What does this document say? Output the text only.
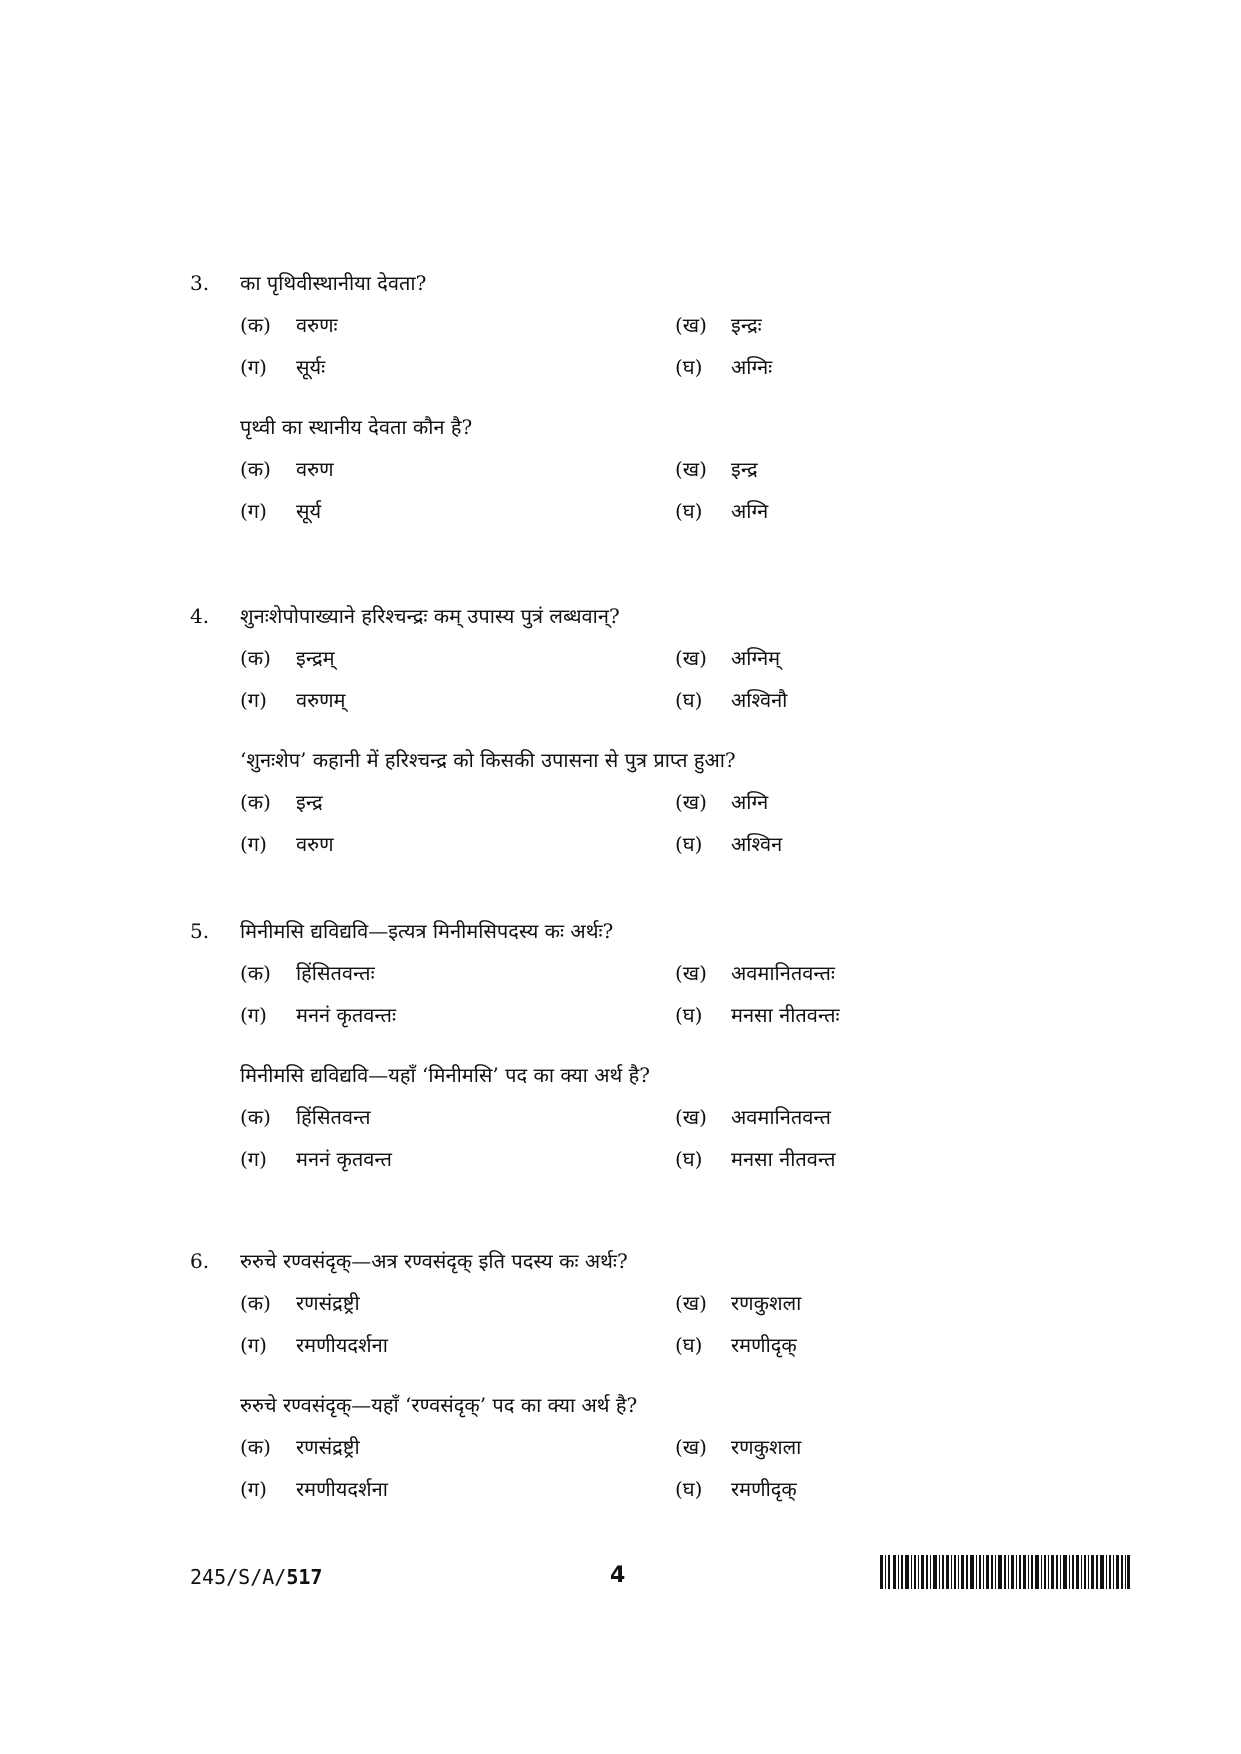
3.	का पृथिवीस्थानीया देवता?
(क) वरुणः	(ख) इन्द्रः
(ग) सूर्यः	(घ) अग्निः
पृथ्वी का स्थानीय देवता कौन है?
(क) वरुण	(ख) इन्द्र
(ग) सूर्य	(घ) अग्नि
4.	शुनःशेपोपाख्याने हरिश्चन्द्रः कम् उपास्य पुत्रं लब्धवान्?
(क) इन्द्रम्	(ख) अग्निम्
(ग) वरुणम्	(घ) अश्विनौ
‘शुनःशेप’ कहानी में हरिश्चन्द्र को किसकी उपासना से पुत्र प्राप्त हुआ?
(क) इन्द्र	(ख) अग्नि
(ग) वरुण	(घ) अश्विन
5.	मिनीमसि द्यविद्यवि—इत्यत्र मिनीमसिपदस्य कः अर्थः?
(क) हिंसितवन्तः	(ख) अवमानितवन्तः
(ग) मननं कृतवन्तः	(घ) मनसा नीतवन्तः
मिनीमसि द्यविद्यवि—यहाँ ‘मिनीमसि’ पद का क्या अर्थ है?
(क) हिंसितवन्त	(ख) अवमानितवन्त
(ग) मननं कृतवन्त	(घ) मनसा नीतवन्त
6.	रुरुचे रण्वसंदृक्—अत्र रण्वसंदृक् इति पदस्य कः अर्थः?
(क) रणसंद्रष्ट्री	(ख) रणकुशला
(ग) रमणीयदर्शना	(घ) रमणीदृक्
रुरुचे रण्वसंदृक्—यहाँ ‘रण्वसंदृक्’ पद का क्या अर्थ है?
(क) रणसंद्रष्ट्री	(ख) रणकुशला
(ग) रमणीयदर्शना	(घ) रमणीदृक्
245/S/A/517	4
